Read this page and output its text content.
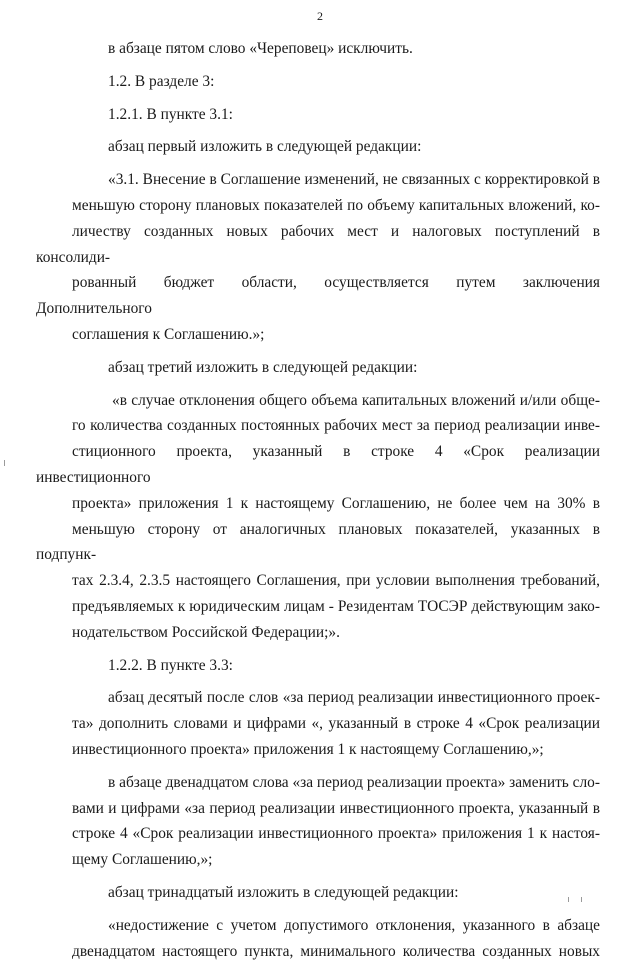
2

в абзаце пятом слово «Череповец» исключить.

1.2. В разделе 3:

1.2.1. В пункте 3.1:

абзац первый изложить в следующей редакции:

«3.1. Внесение в Соглашение изменений, не связанных с корректировкой в
меньшую сторону плановых показателей по объему капитальных вложений, ко-
личеству созданных новых рабочих мест и налоговых поступлений в консолиди-
рованный бюджет области, осуществляется путем заключения Дополнительного
соглашения к Соглашению.»;

абзац третий изложить в следующей редакции:

«в случае отклонения общего объема капитальных вложений и/или обще-
го количества созданных постоянных рабочих мест за период реализации инве-
стиционного проекта, указанный в строке 4 «Срок реализации инвестиционного
проекта» приложения 1 к настоящему Соглашению, не более чем на 30% в
меньшую сторону от аналогичных плановых показателей, указанных в подпунк-
тах 2.3.4, 2.3.5 настоящего Соглашения, при условии выполнения требований,
предъявляемых к юридическим лицам - Резидентам ТОСЭР действующим зако-
нодательством Российской Федерации;».

1.2.2. В пункте 3.3:

абзац десятый после слов «за период реализации инвестиционного проек-
та» дополнить словами и цифрами «, указанный в строке 4 «Срок реализации
инвестиционного проекта» приложения 1 к настоящему Соглашению,»;

в абзаце двенадцатом слова «за период реализации проекта» заменить сло-
вами и цифрами «за период реализации инвестиционного проекта, указанный в
строке 4 «Срок реализации инвестиционного проекта» приложения 1 к настоя-
щему Соглашению,»;

абзац тринадцатый изложить в следующей редакции:

«недостижение с учетом допустимого отклонения, указанного в абзаце
двенадцатом настоящего пункта, минимального количества созданных новых
